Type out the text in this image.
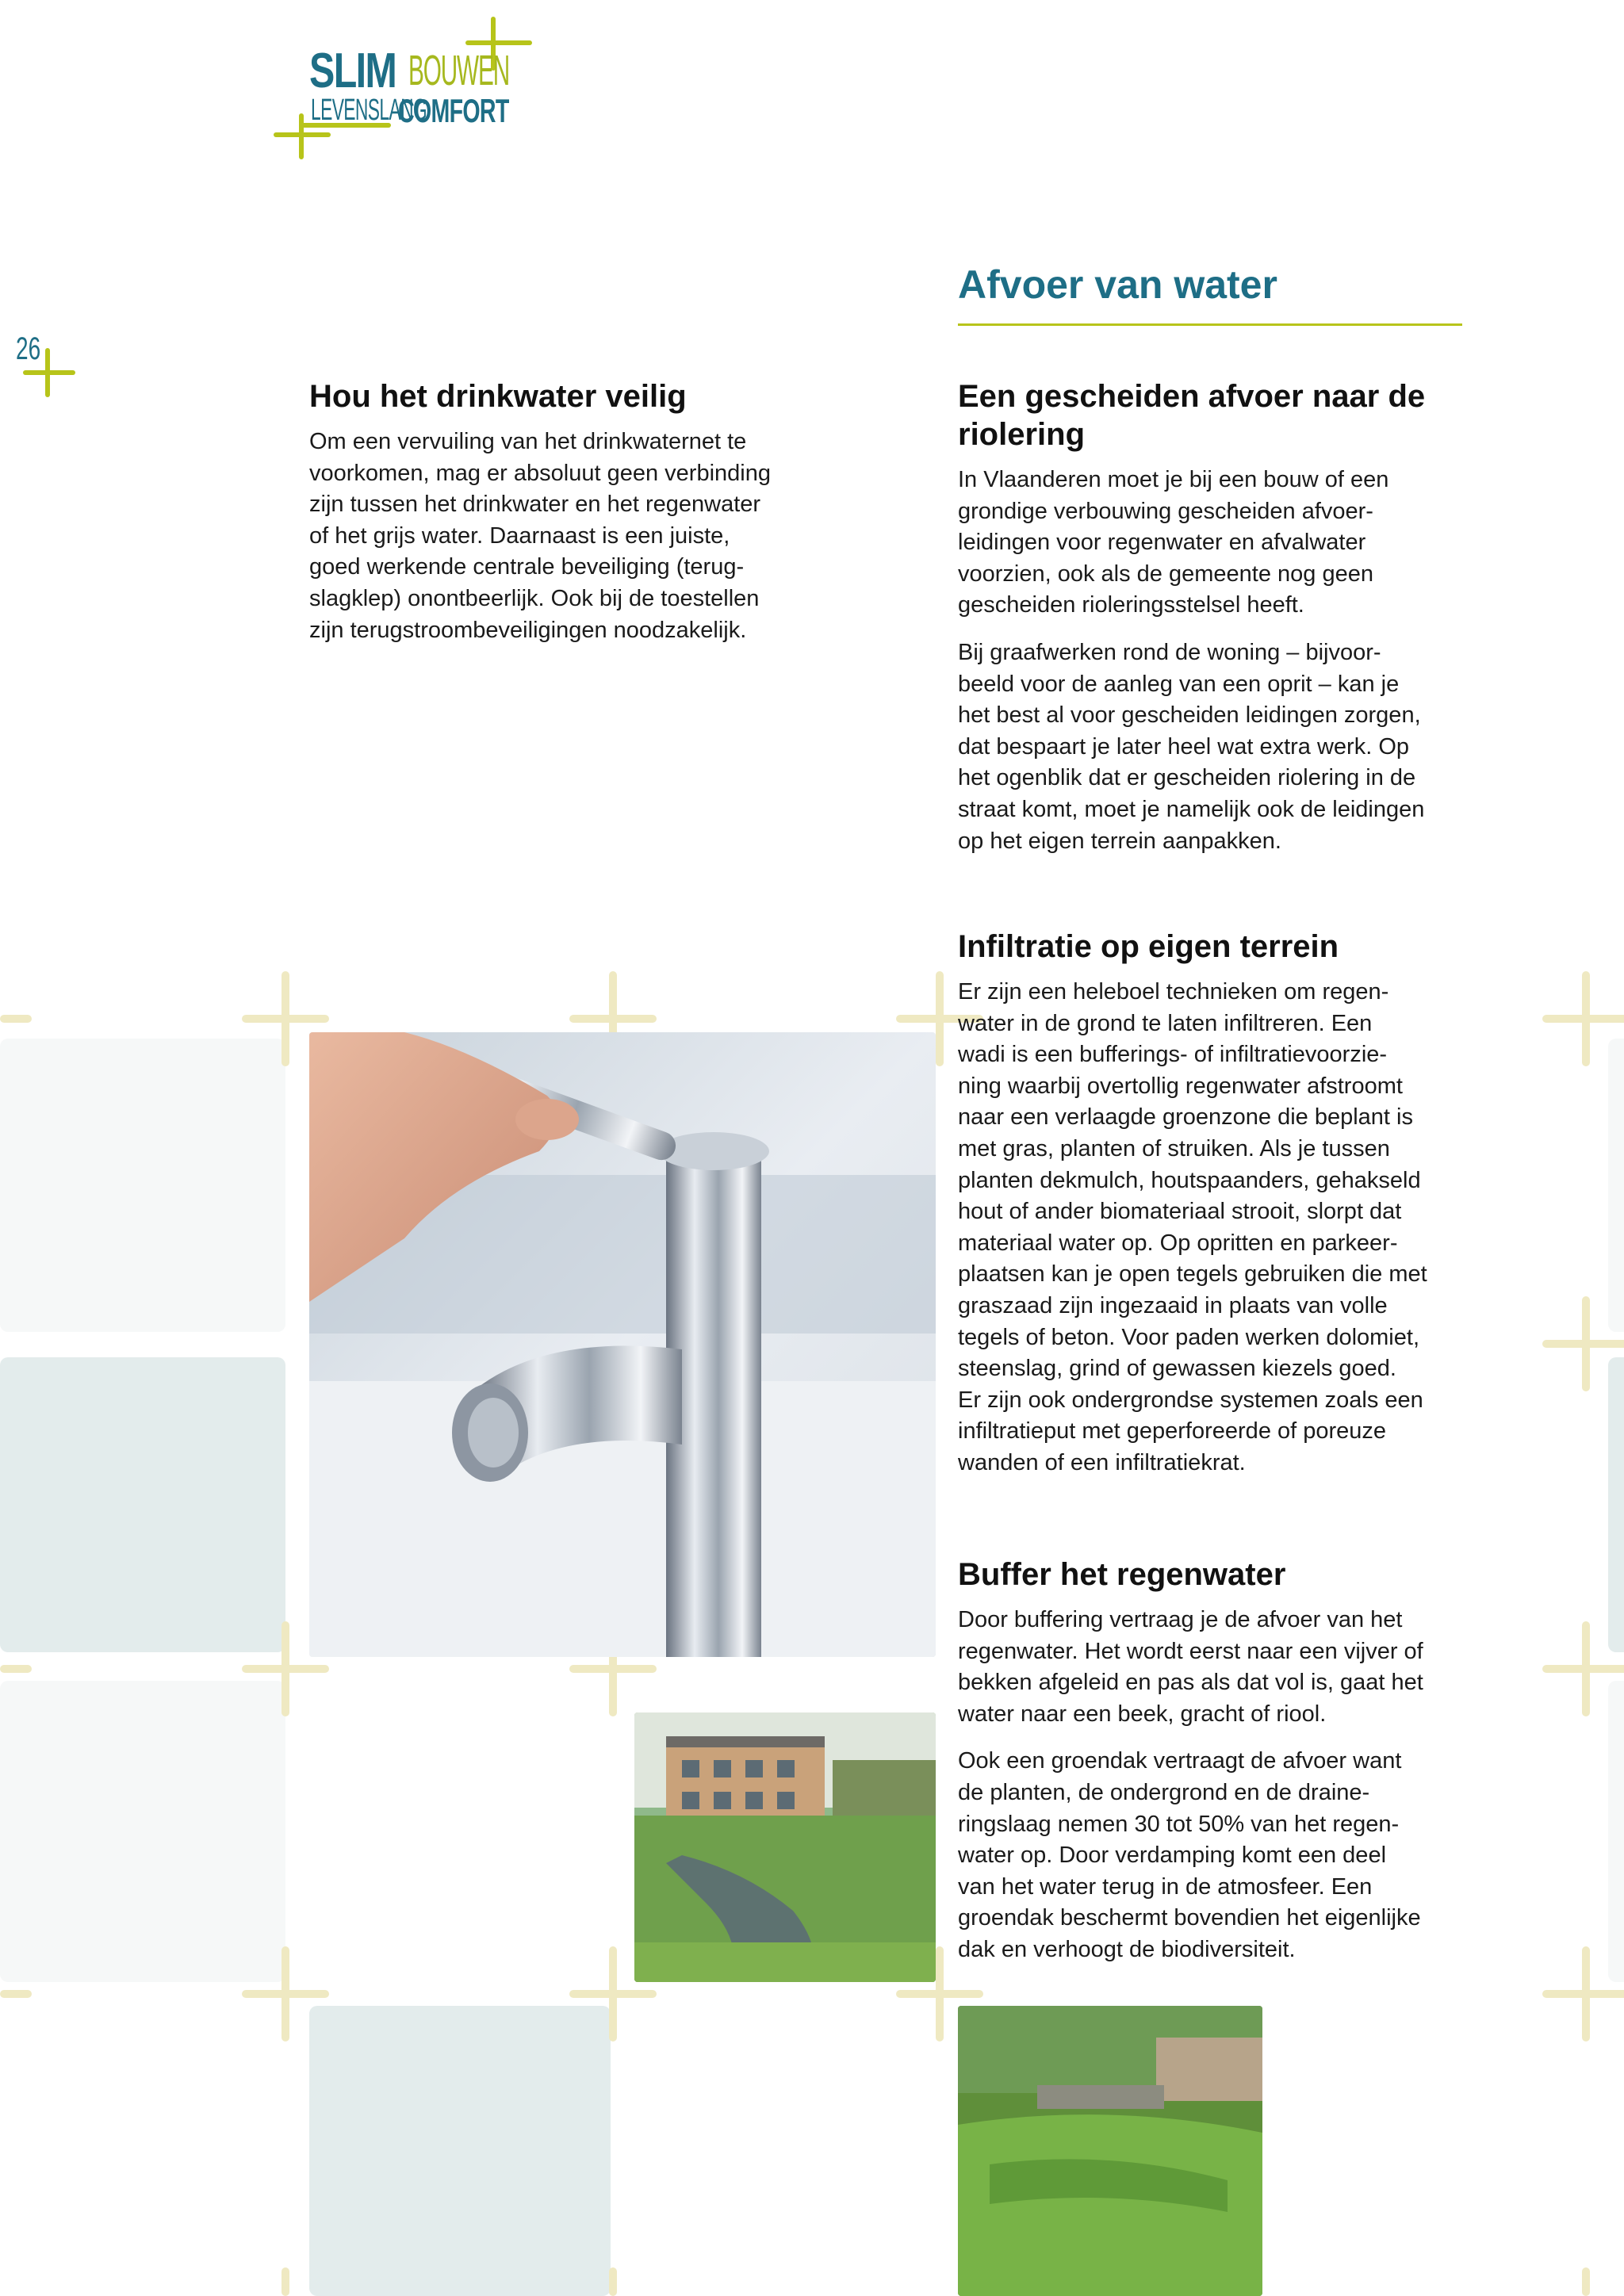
SLIM BOUWEN
LEVENSLANG
COMFORT
26
Afvoer van water
Hou het drinkwater veilig

Om een vervuiling van het drinkwaternet te
voorkomen, mag er absoluut geen verbinding
zijn tussen het drinkwater en het regenwater
of het grijs water. Daarnaast is een juiste,
goed werkende centrale beveiliging (terug-
slagklep) onontbeerlijk. Ook bij de toestellen
zijn terugstroombeveiligingen noodzakelijk.

Een gescheiden afvoer naar de
riolering

In Vlaanderen moet je bij een bouw of een
grondige verbouwing gescheiden afvoer-
leidingen voor regenwater en afvalwater
voorzien, ook als de gemeente nog geen
gescheiden rioleringsstelsel heeft.

Bij graafwerken rond de woning – bijvoor-
beeld voor de aanleg van een oprit – kan je
het best al voor gescheiden leidingen zorgen,
dat bespaart je later heel wat extra werk. Op
het ogenblik dat er gescheiden riolering in de
straat komt, moet je namelijk ook de leidingen
op het eigen terrein aanpakken.

Infiltratie op eigen terrein

Er zijn een heleboel technieken om regen-
water in de grond te laten infiltreren. Een
wadi is een bufferings- of infiltratievoorzie-
ning waarbij overtollig regenwater afstroomt
naar een verlaagde groenzone die beplant is
met gras, planten of struiken. Als je tussen
planten dekmulch, houtspaanders, gehakseld
hout of ander biomateriaal strooit, slorpt dat
materiaal water op. Op opritten en parkeer-
plaatsen kan je open tegels gebruiken die met
graszaad zijn ingezaaid in plaats van volle
tegels of beton. Voor paden werken dolomiet,
steenslag, grind of gewassen kiezels goed.
Er zijn ook ondergrondse systemen zoals een
infiltratieput met geperforeerde of poreuze
wanden of een infiltratiekrat.

Buffer het regenwater

Door buffering vertraag je de afvoer van het
regenwater. Het wordt eerst naar een vijver of
bekken afgeleid en pas als dat vol is, gaat het
water naar een beek, gracht of riool.

Ook een groendak vertraagt de afvoer want
de planten, de ondergrond en de draine-
ringslaag nemen 30 tot 50% van het regen-
water op. Door verdamping komt een deel
van het water terug in de atmosfeer. Een
groendak beschermt bovendien het eigenlijke
dak en verhoogt de biodiversiteit.
